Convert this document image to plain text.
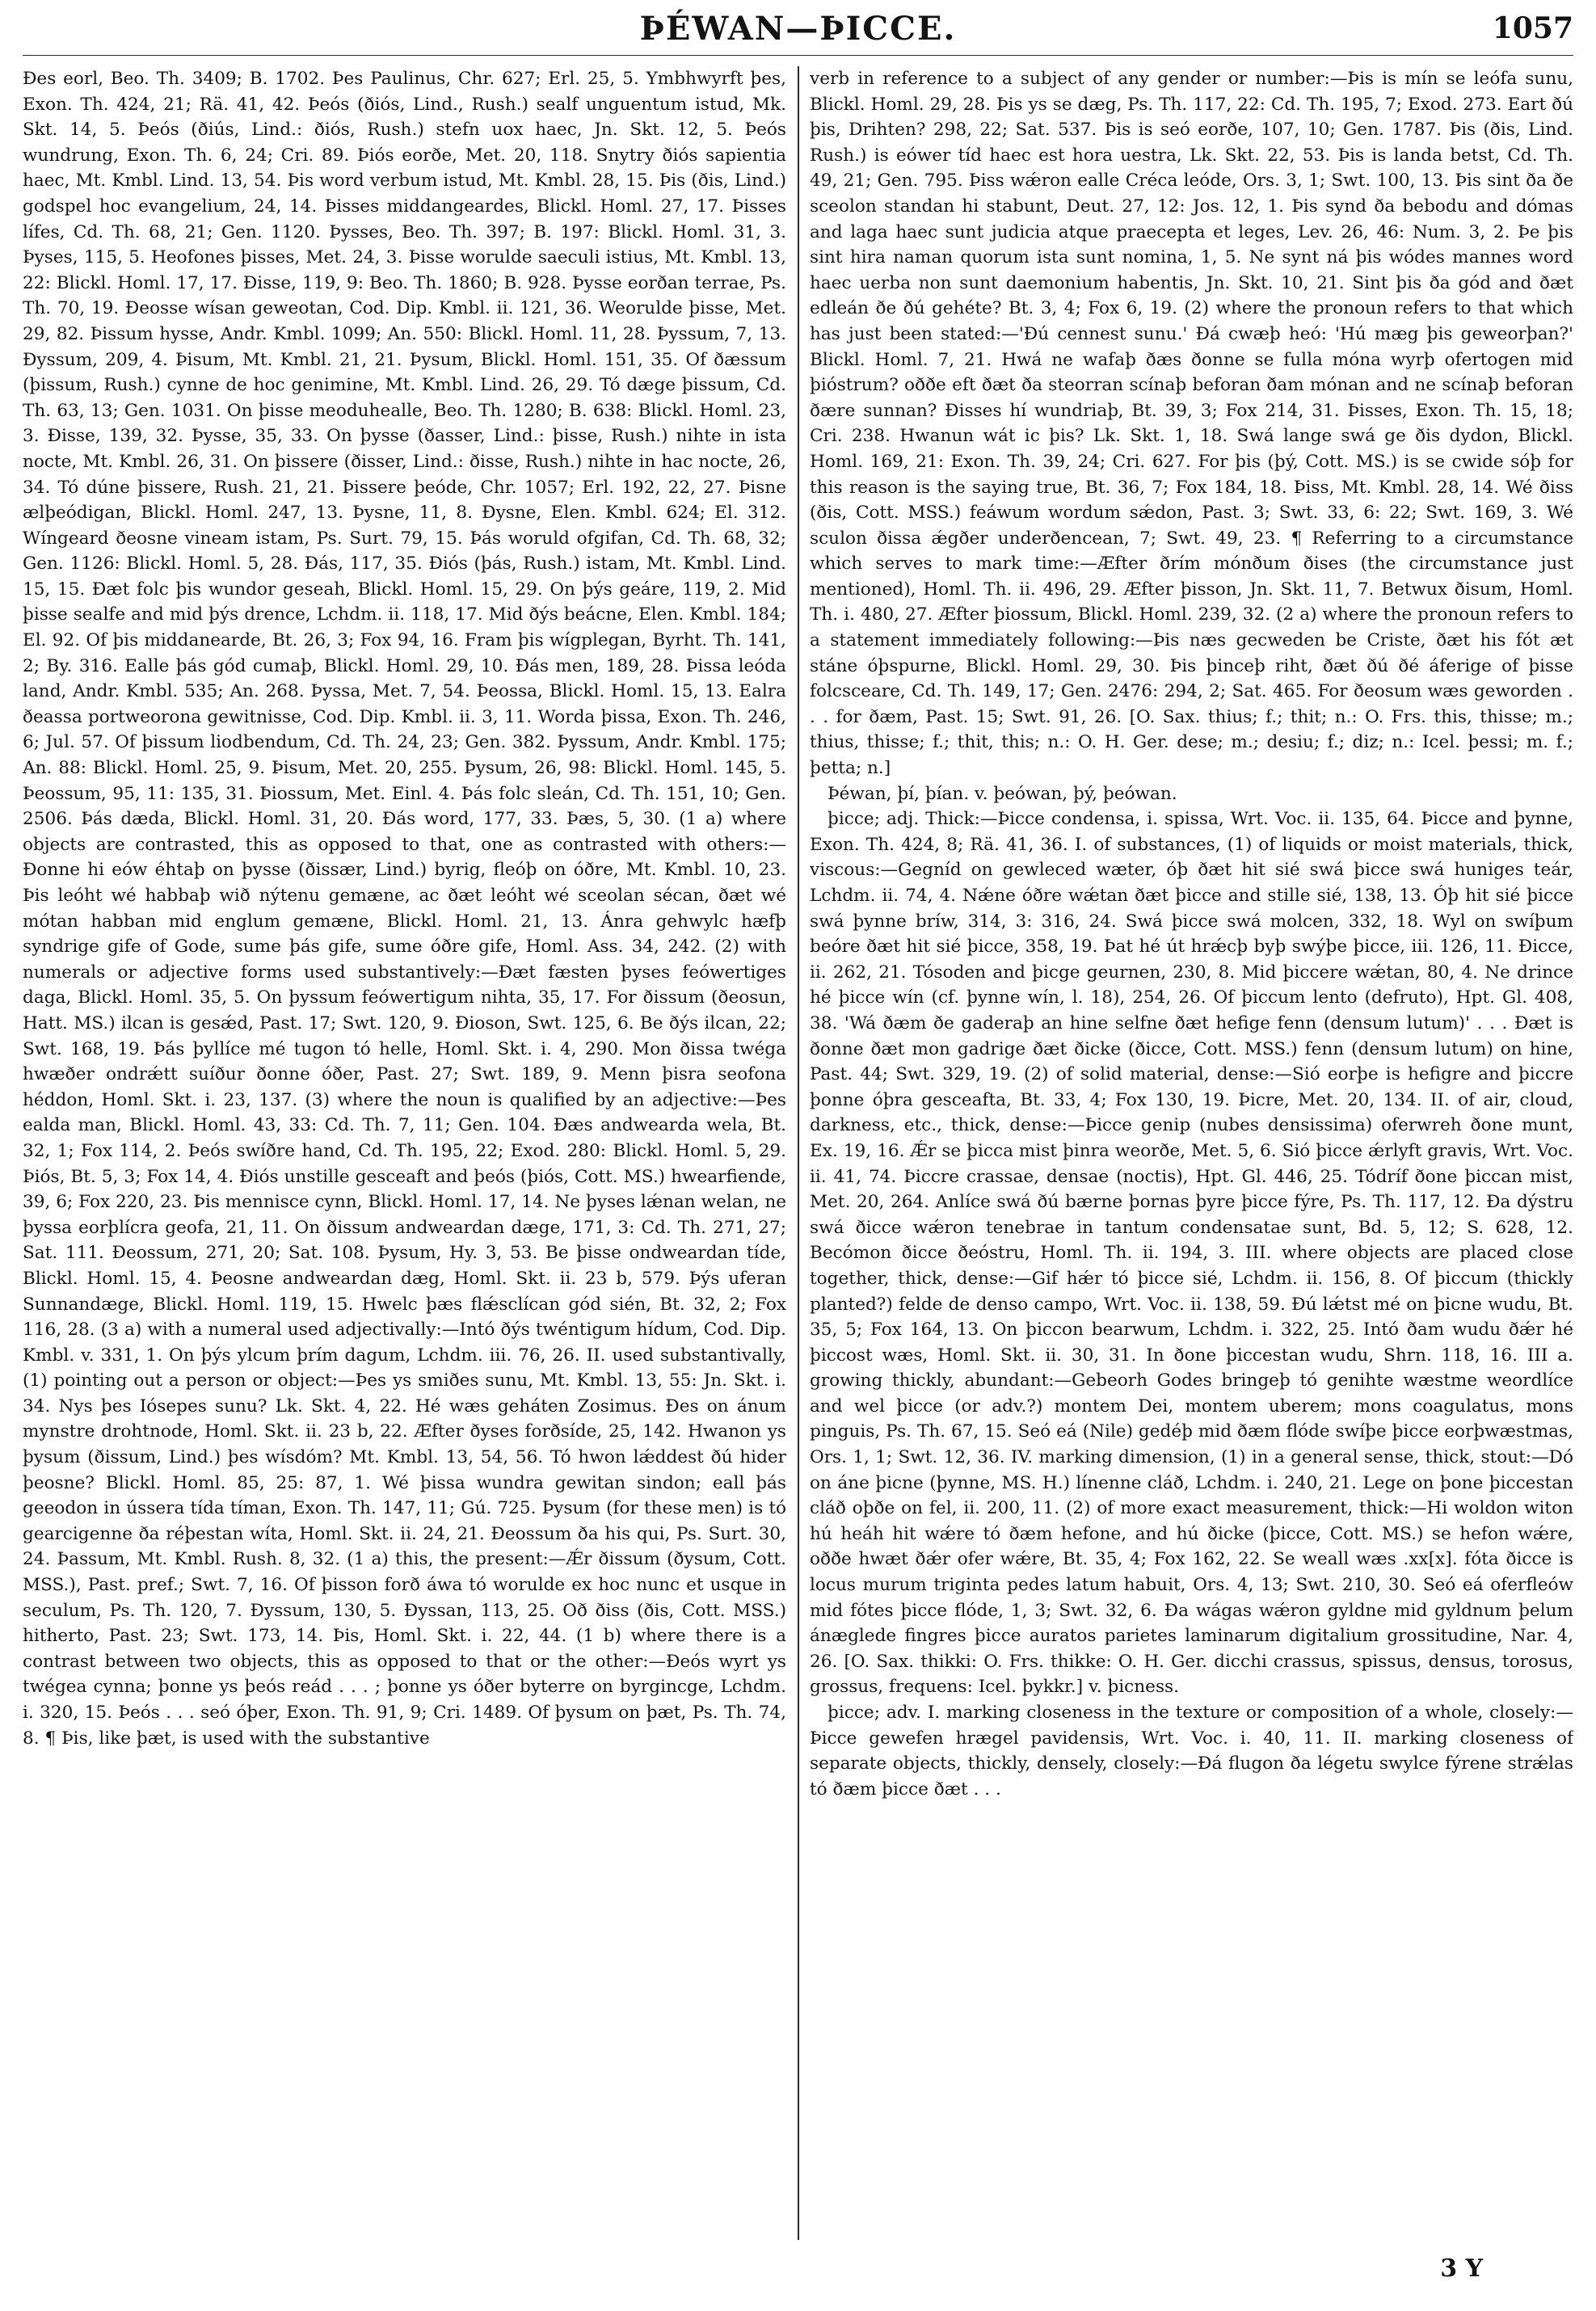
ÞÉWAN—ÞICCE.	1057

Ðes eorl, Beo. Th. 3409; B. 1702. Þes Paulinus, Chr. 627; Erl. 25, 5. Ymbhwyrft þes, Exon. Th. 424, 21; Rä. 41, 42. Þeós (ðiós, Lind., Rush.) sealf unguentum istud, Mk. Skt. 14, 5. Þeós (ðiús, Lind.: ðiós, Rush.) stefn uox haec, Jn. Skt. 12, 5. Þeós wundrung, Exon. Th. 6, 24; Cri. 89. Þiós eorðe, Met. 20, 118. Snytry ðiós sapientia haec, Mt. Kmbl. Lind. 13, 54. Þis word verbum istud, Mt. Kmbl. 28, 15. Þis (ðis, Lind.) godspel hoc evangelium, 24, 14. Þisses middangeardes, Blickl. Homl. 27, 17. Þisses lífes, Cd. Th. 68, 21; Gen. 1120. Þysses, Beo. Th. 397; B. 197: Blickl. Homl. 31, 3. Þyses, 115, 5. Heofones þisses, Met. 24, 3. Þisse worulde saeculi istius, Mt. Kmbl. 13, 22: Blickl. Homl. 17, 17. Ðisse, 119, 9: Beo. Th. 1860; B. 928. Þysse eorðan terrae, Ps. Th. 70, 19. Ðeosse wísan geweotan, Cod. Dip. Kmbl. ii. 121, 36. Weorulde þisse, Met. 29, 82. Þissum hysse, Andr. Kmbl. 1099; An. 550: Blickl. Homl. 11, 28. Þyssum, 7, 13. Ðyssum, 209, 4. Þisum, Mt. Kmbl. 21, 21. Þysum, Blickl. Homl. 151, 35. Of ðæssum (þissum, Rush.) cynne de hoc genimine, Mt. Kmbl. Lind. 26, 29. Tó dæge þissum, Cd. Th. 63, 13; Gen. 1031. On þisse meoduhealle, Beo. Th. 1280; B. 638: Blickl. Homl. 23, 3. Ðisse, 139, 32. Þysse, 35, 33. On þysse (ðasser, Lind.: þisse, Rush.) nihte in ista nocte, Mt. Kmbl. 26, 31. On þissere (ðisser, Lind.: ðisse, Rush.) nihte in hac nocte, 26, 34. Tó dúne þissere, Rush. 21, 21. Þissere þeóde, Chr. 1057; Erl. 192, 22, 27. Þisne ælþeódigan, Blickl. Homl. 247, 13. Þysne, 11, 8. Ðysne, Elen. Kmbl. 624; El. 312. Wíngeard ðeosne vineam istam, Ps. Surt. 79, 15. Þás woruld ofgifan, Cd. Th. 68, 32; Gen. 1126: Blickl. Homl. 5, 28. Ðás, 117, 35. Ðiós (þás, Rush.) istam, Mt. Kmbl. Lind. 15, 15. Ðæt folc þis wundor geseah, Blickl. Homl. 15, 29. On þýs geáre, 119, 2. Mid þisse sealfe and mid þýs drence, Lchdm. ii. 118, 17. Mid ðýs beácne, Elen. Kmbl. 184; El. 92. Of þis middaneardе, Bt. 26, 3; Fox 94, 16. Fram þis wígplegan, Byrht. Th. 141, 2; By. 316. Ealle þás gód cumaþ, Blickl. Homl. 29, 10. Ðás men, 189, 28. Þissa leóda land, Andr. Kmbl. 535; An. 268. Þyssa, Met. 7, 54. Þeossa, Blickl. Homl. 15, 13. Ealra ðeassa portweorona gewitnisse, Cod. Dip. Kmbl. ii. 3, 11. Worda þissa, Exon. Th. 246, 6; Jul. 57. Of þissum liodbendum, Cd. Th. 24, 23; Gen. 382. Þyssum, Andr. Kmbl. 175; An. 88: Blickl. Homl. 25, 9. Þisum, Met. 20, 255. Þysum, 26, 98: Blickl. Homl. 145, 5. Þeossum, 95, 11: 135, 31. Þiossum, Met. Einl. 4. Þás folc sleán, Cd. Th. 151, 10; Gen. 2506. Þás dæda, Blickl. Homl. 31, 20. Ðás word, 177, 33. Þæs, 5, 30. (1 a) where objects are contrasted, this as opposed to that, one as contrasted with others:—Ðonne hi eów éhtaþ on þysse (ðissær, Lind.) byrig, fleóþ on óðre, Mt. Kmbl. 10, 23. Þis leóht wé habbaþ wið nýtenu gemæne, ac ðæt leóht wé sceolan sécan, ðæt wé mótan habban mid englum gemæne, Blickl. Homl. 21, 13. Ánra gehwylc hæfþ syndrige gife of Gode, sume þás gife, sume óðre gife, Homl. Ass. 34, 242. (2) with numerals or adjective forms used substantively:—Ðæt fæsten þyses feówertiges daga, Blickl. Homl. 35, 5. On þyssum feówertigum nihta, 35, 17. For ðissum (ðeosun, Hatt. MS.) ilcan is gesǽd, Past. 17; Swt. 120, 9. Ðioson, Swt. 125, 6. Be ðýs ilcan, 22; Swt. 168, 19. Þás þyllíce mé tugon tó helle, Homl. Skt. i. 4, 290. Mon ðissa twéga hwæðer ondrǽtt suíður ðonne óðer, Past. 27; Swt. 189, 9. Menn þisra seofona héddon, Homl. Skt. i. 23, 137. (3) where the noun is qualified by an adjective:—Þes ealda man, Blickl. Homl. 43, 33: Cd. Th. 7, 11; Gen. 104. Ðæs andwearda wela, Bt. 32, 1; Fox 114, 2. Þeós swíðre hand, Cd. Th. 195, 22; Exod. 280: Blickl. Homl. 5, 29. Þiós, Bt. 5, 3; Fox 14, 4. Ðiós unstille gesceaft and þeós (þiós, Cott. MS.) hwearfiende, 39, 6; Fox 220, 23. Þis mennisce cynn, Blickl. Homl. 17, 14. Ne þyses lǽnan welan, ne þyssa eorþlícra geofa, 21, 11. On ðissum andweardan dæge, 171, 3: Cd. Th. 271, 27; Sat. 111. Ðeossum, 271, 20; Sat. 108. Þysum, Hy. 3, 53. Be þisse ondweardan tíde, Blickl. Homl. 15, 4. Þeosne andweardan dæg, Homl. Skt. ii. 23 b, 579. Þýs uferan Sunnandæge, Blickl. Homl. 119, 15. Hwelc þæs flǽsclícan gód sién, Bt. 32, 2; Fox 116, 28. (3 a) with a numeral used adjectivally:—Intó ðýs twéntigum hídum, Cod. Dip. Kmbl. v. 331, 1. On þýs ylcum þrím dagum, Lchdm. iii. 76, 26. II. used substantivally, (1) pointing out a person or object:—Þes ys smiðes sunu, Mt. Kmbl. 13, 55: Jn. Skt. i. 34. Nys þes Iósepes sunu? Lk. Skt. 4, 22. Hé wæs geháten Zosimus. Ðes on ánum mynstre drohtnode, Homl. Skt. ii. 23 b, 22. Æfter ðyses forðsíde, 25, 142. Hwanon ys þysum (ðissum, Lind.) þes wísdóm? Mt. Kmbl. 13, 54, 56. Tó hwon lǽddest ðú hider þeosne? Blickl. Homl. 85, 25: 87, 1. Wé þissa wundra gewitan sindon; eall þás geeodon in ússera tída tíman, Exon. Th. 147, 11; Gú. 725. Þysum (for these men) is tó gearcigenne ða réþestan wíta, Homl. Skt. ii. 24, 21. Ðeossum ða his qui, Ps. Surt. 30, 24. Þassum, Mt. Kmbl. Rush. 8, 32. (1 a) this, the present:—Ǽr ðissum (ðysum, Cott. MSS.), Past. pref.; Swt. 7, 16. Of þisson forð áwa tó worulde ex hoc nunc et usque in seculum, Ps. Th. 120, 7. Ðyssum, 130, 5. Ðyssan, 113, 25. Oð ðiss (ðis, Cott. MSS.) hitherto, Past. 23; Swt. 173, 14. Þis, Homl. Skt. i. 22, 44. (1 b) where there is a contrast between two objects, this as opposed to that or the other:—Ðeós wyrt ys twégea cynna; þonne ys þeós reád . . . ; þonne ys óðer byterre on byrgincge, Lchdm. i. 320, 15. Þeós . . . seó óþer, Exon. Th. 91, 9; Cri. 1489. Of þysum on þæt, Ps. Th. 74, 8. ¶ Þis, like þæt, is used with the substantive

verb in reference to a subject of any gender or number:—Þis is mín se leófa sunu, Blickl. Homl. 29, 28. Þis ys se dæg, Ps. Th. 117, 22: Cd. Th. 195, 7; Exod. 273. Eart ðú þis, Drihten? 298, 22; Sat. 537. Þis is seó eorðe, 107, 10; Gen. 1787. Þis (ðis, Lind. Rush.) is eówer tíd haec est hora uestra, Lk. Skt. 22, 53. Þis is landa betst, Cd. Th. 49, 21; Gen. 795. Þiss wǽron ealle Créca leóde, Ors. 3, 1; Swt. 100, 13. Þis sint ða ðe sceolon standan hi stabunt, Deut. 27, 12: Jos. 12, 1. Þis synd ða bebodu and dómas and laga haec sunt judicia atque praecepta et leges, Lev. 26, 46: Num. 3, 2. Þe þis sint hira naman quorum ista sunt nomina, 1, 5. Ne synt ná þis wódes mannes word haec uerba non sunt daemonium habentis, Jn. Skt. 10, 21. Sint þis ða gód and ðæt edleán ðe ðú gehéte? Bt. 3, 4; Fox 6, 19. (2) where the pronoun refers to that which has just been stated:—'Ðú cennest sunu.' Ðá cwæþ heó: 'Hú mæg þis geweorþan?' Blickl. Homl. 7, 21. Hwá ne wafaþ ðæs ðonne se fulla móna wyrþ ofertogen mid þióstrum? oððe eft ðæt ða steorran scínaþ beforan ðam mónan and ne scínaþ beforan ðære sunnan? Ðisses hí wundriaþ, Bt. 39, 3; Fox 214, 31. Þisses, Exon. Th. 15, 18; Cri. 238. Hwanun wát ic þis? Lk. Skt. 1, 18. Swá lange swá ge ðis dydon, Blickl. Homl. 169, 21: Exon. Th. 39, 24; Cri. 627. For þis (þý, Cott. MS.) is se cwide sóþ for this reason is the saying true, Bt. 36, 7; Fox 184, 18. Þiss, Mt. Kmbl. 28, 14. Wé ðiss (ðis, Cott. MSS.) feáwum wordum sǽdon, Past. 3; Swt. 33, 6: 22; Swt. 169, 3. Wé sculon ðissa ǽgðer underðencean, 7; Swt. 49, 23. ¶ Referring to a circumstance which serves to mark time:—Æfter ðrím mónðum ðises (the circumstance just mentioned), Homl. Th. ii. 496, 29. Æfter þisson, Jn. Skt. 11, 7. Betwux ðisum, Homl. Th. i. 480, 27. Æfter þiossum, Blickl. Homl. 239, 32. (2 a) where the pronoun refers to a statement immediately following:—Þis næs gecweden be Criste, ðæt his fót æt stáne óþspurne, Blickl. Homl. 29, 30. Þis þinceþ riht, ðæt ðú ðé áferige of þisse folcsceare, Cd. Th. 149, 17; Gen. 2476: 294, 2; Sat. 465. For ðeosum wæs geworden . . . for ðæm, Past. 15; Swt. 91, 26. [O. Sax. thius; f.; thit; n.: O. Frs. this, thisse; m.; thius, thisse; f.; thit, this; n.: O. H. Ger. dese; m.; desiu; f.; diz; n.: Icel. þessi; m. f.; þetta; n.]

Þéwan, þí, þían. v. þeówan, þý, þeówan.

þicce; adj. Thick:—Þicce condensa, i. spissa, Wrt. Voc. ii. 135, 64. Þicce and þynne, Exon. Th. 424, 8; Rä. 41, 36. I. of substances, (1) of liquids or moist materials, thick, viscous:—Gegníd on gewleced wæter, óþ ðæt hit sié swá þicce swá huniges teár, Lchdm. ii. 74, 4. Nǽne óðre wǽtan ðæt þicce and stille sié, 138, 13. Óþ hit sié þicce swá þynne bríw, 314, 3: 316, 24. Swá þicce swá molcen, 332, 18. Wyl on swíþum beóre ðæt hit sié þicce, 358, 19. Þat hé út hrǽcþ byþ swýþe þicce, iii. 126, 11. Ðicce, ii. 262, 21. Tósoden and þicge geurnen, 230, 8. Mid þiccere wǽtan, 80, 4. Ne drince hé þicce wín (cf. þynne wín, l. 18), 254, 26. Of þiccum lento (defruto), Hpt. Gl. 408, 38. 'Wá ðæm ðe gaderaþ an hine selfne ðæt hefige fenn (densum lutum)' . . . Ðæt is ðonne ðæt mon gadrige ðæt ðicke (ðicce, Cott. MSS.) fenn (densum lutum) on hine, Past. 44; Swt. 329, 19. (2) of solid material, dense:—Sió eorþe is hefigre and þiccre þonne óþra gesceafta, Bt. 33, 4; Fox 130, 19. Þicre, Met. 20, 134. II. of air, cloud, darkness, etc., thick, dense:—Þicce genip (nubes densissima) oferwreh ðone munt, Ex. 19, 16. Ǽr se þicca mist þinra weorðe, Met. 5, 6. Sió þicce ǽrlyft gravis, Wrt. Voc. ii. 41, 74. Þiccre crassae, densae (noctis), Hpt. Gl. 446, 25. Tódríf ðone þiccan mist, Met. 20, 264. Anlíce swá ðú bærne þornas þyre þicce fýre, Ps. Th. 117, 12. Ða dýstru swá ðicce wǽron tenebrae in tantum condensatae sunt, Bd. 5, 12; S. 628, 12. Becómon ðicce ðeóstru, Homl. Th. ii. 194, 3. III. where objects are placed close together, thick, dense:—Gif hǽr tó þicce sié, Lchdm. ii. 156, 8. Of þiccum (thickly planted?) felde de denso campo, Wrt. Voc. ii. 138, 59. Ðú lǽtst mé on þicne wudu, Bt. 35, 5; Fox 164, 13. On þiccon bearwum, Lchdm. i. 322, 25. Intó ðam wudu ðǽr hé þiccost wæs, Homl. Skt. ii. 30, 31. In ðone þiccestan wudu, Shrn. 118, 16. III a. growing thickly, abundant:—Gebeorh Godes bringeþ tó genihte wæstme weordlíce and wel þicce (or adv.?) montem Dei, montem uberem; mons coagulatus, mons pinguis, Ps. Th. 67, 15. Seó eá (Nile) gedéþ mid ðæm flóde swíþe þicce eorþwæstmas, Ors. 1, 1; Swt. 12, 36. IV. marking dimension, (1) in a general sense, thick, stout:—Dó on áne þicne (þynne, MS. H.) línenne cláð, Lchdm. i. 240, 21. Lege on þone þiccestan cláð oþðe on fel, ii. 200, 11. (2) of more exact measurement, thick:—Hi woldon witon hú heáh hit wǽre tó ðæm hefone, and hú ðicke (þicce, Cott. MS.) se hefon wǽre, oððe hwæt ðǽr ofer wǽre, Bt. 35, 4; Fox 162, 22. Se weall wæs .xx[x]. fóta ðicce is locus murum triginta pedes latum habuit, Ors. 4, 13; Swt. 210, 30. Seó eá oferfleów mid fótes þicce flóde, 1, 3; Swt. 32, 6. Ða wágas wǽron gyldne mid gyldnum þelum ánæglede fingres þicce auratos parietes laminarum digitalium grossitudine, Nar. 4, 26. [O. Sax. thikki: O. Frs. thikke: O. H. Ger. dicchi crassus, spissus, densus, torosus, grossus, frequens: Icel. þykkr.] v. þicness.

þicce; adv. I. marking closeness in the texture or composition of a whole, closely:—Þicce gewefen hrægel pavidensis, Wrt. Voc. i. 40, 11. II. marking closeness of separate objects, thickly, densely, closely:—Ðá flugon ða légetu swylce fýrene strǽlas tó ðæm þicce ðæt . . .

3 Y
